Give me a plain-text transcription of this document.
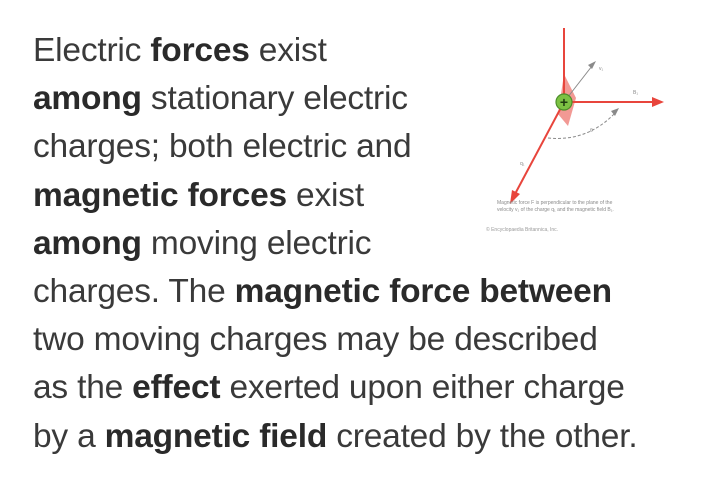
Electric forces exist
among stationary electric
charges; both electric and
magnetic forces exist
among moving electric
charges. The magnetic force between
two moving charges may be described
as the effect exerted upon either charge
by a magnetic field created by the other.
+
v₁
B₁
θ
q₁
Magnetic force F is perpendicular to the plane of the
velocity v₁ of the charge q₁ and the magnetic field B₁.
© Encyclopaedia Britannica, Inc.
